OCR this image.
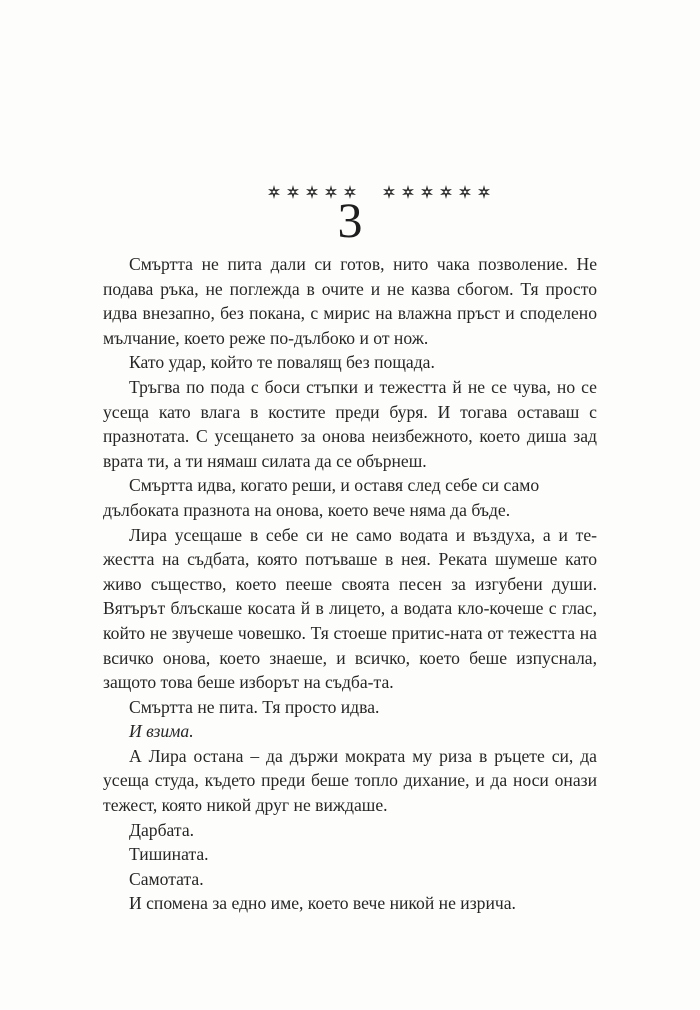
3

Смъртта не пита дали си готов, нито чака позволение. Не подава ръка, не поглежда в очите и не казва сбогом. Тя просто идва внезапно, без покана, с мирис на влажна пръст и споделено мълчание, което реже по-дълбоко и от нож.

Като удар, който те повалящ без пощада.

Тръгва по пода с боси стъпки и тежестта й не се чува, но се усеща като влага в костите преди буря. И тогава оставаш с празнотата. С усещането за онова неизбежното, което диша зад врата ти, а ти нямаш силата да се обърнеш.

Смъртта идва, когато реши, и оставя след себе си само дълбоката празнота на онова, което вече няма да бъде.

Лира усещаше в себе си не само водата и въздуха, а и те-жестта на съдбата, която потъваше в нея. Реката шумеше като живо същество, което пееше своята песен за изгубени души. Вятърът блъскаше косата й в лицето, а водата кло-кочеше с глас, който не звучеше човешко. Тя стоеше притис-ната от тежестта на всичко онова, което знаеше, и всичко, което беше изпуснала, защото това беше изборът на съдба-та.

Смъртта не пита. Тя просто идва.

И взима.

А Лира остана – да държи мократа му риза в ръцете си, да усеща студа, където преди беше топло дихание, и да носи онази тежест, която никой друг не виждаше.

Дарбата.

Тишината.

Самотата.

И спомена за едно име, което вече никой не изрича.
